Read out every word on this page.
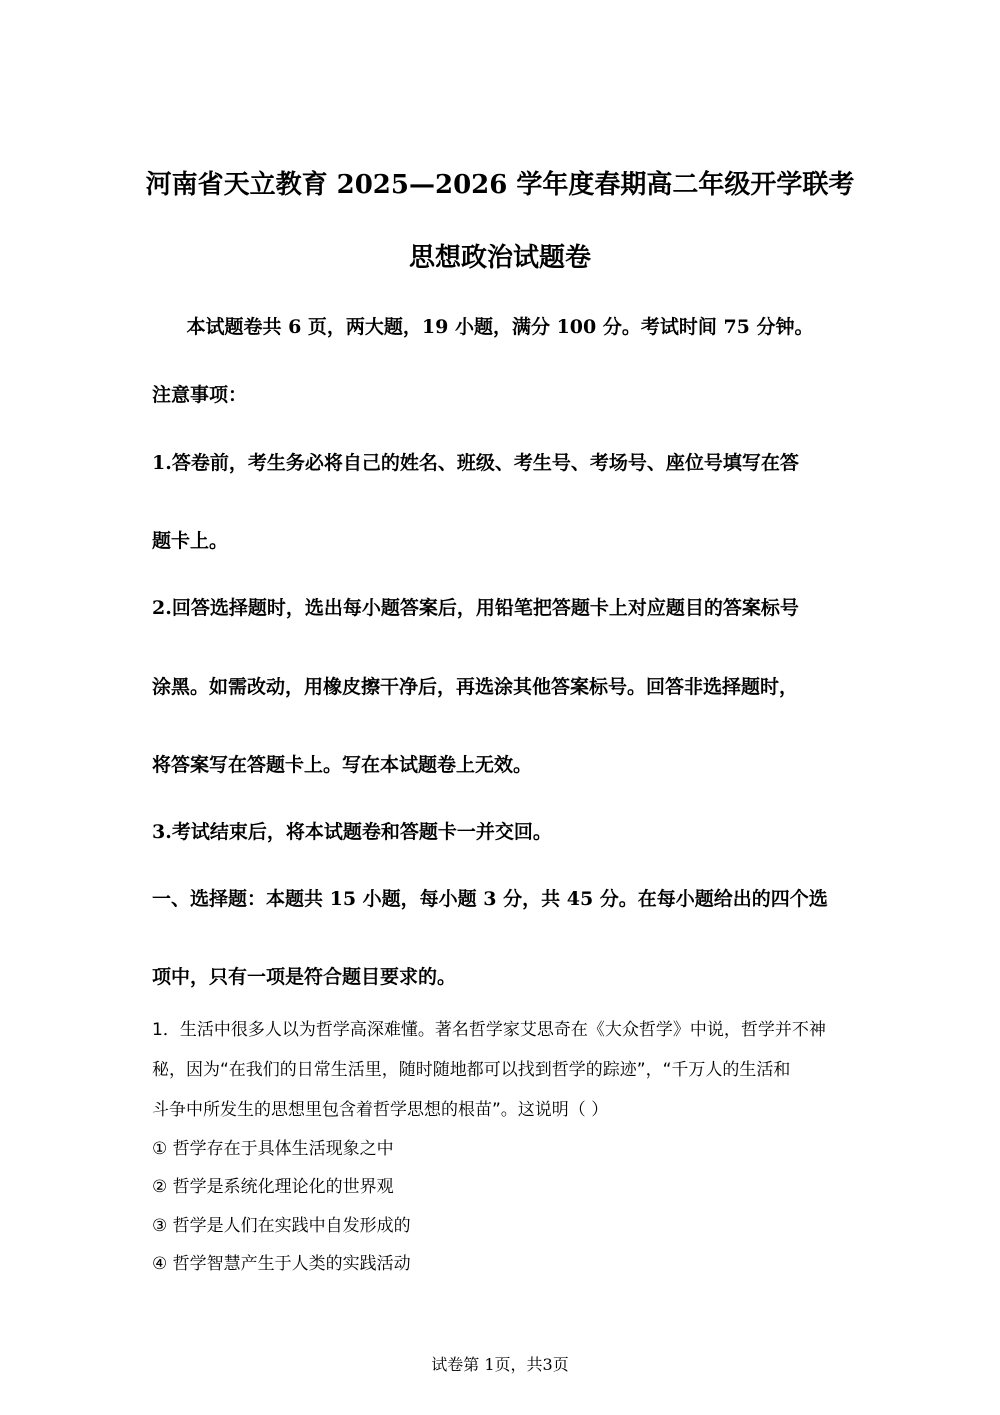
河南省天立教育 2025—2026 学年度春期高二年级开学联考
思想政治试题卷
本试题卷共 6 页，两大题，19 小题，满分 100 分。考试时间 75 分钟。
注意事项：
1.答卷前，考生务必将自己的姓名、班级、考生号、考场号、座位号填写在答
题卡上。
2.回答选择题时，选出每小题答案后，用铅笔把答题卡上对应题目的答案标号
涂黑。如需改动，用橡皮擦干净后，再选涂其他答案标号。回答非选择题时，
将答案写在答题卡上。写在本试题卷上无效。
3.考试结束后，将本试题卷和答题卡一并交回。
一、选择题：本题共 15 小题，每小题 3 分，共 45 分。在每小题给出的四个选
项中，只有一项是符合题目要求的。
1．生活中很多人以为哲学高深难懂。著名哲学家艾思奇在《大众哲学》中说，哲学并不神
秘，因为“在我们的日常生活里，随时随地都可以找到哲学的踪迹”，“千万人的生活和
斗争中所发生的思想里包含着哲学思想的根苗”。这说明（ ）
① 哲学存在于具体生活现象之中
② 哲学是系统化理论化的世界观
③ 哲学是人们在实践中自发形成的
④ 哲学智慧产生于人类的实践活动
试卷第 1页，共3页
